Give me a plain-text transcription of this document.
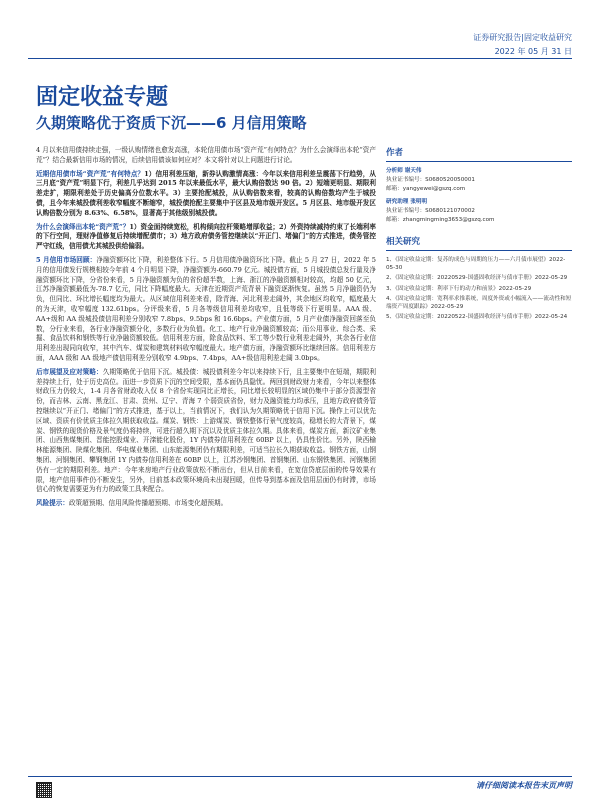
证券研究报告|固定收益研究
2022 年 05 月 31 日
固定收益专题
久期策略优于资质下沉——6 月信用策略

4 月以来信用债持续走强，一级认购情绪也愈发高涨，本轮信用债市场“资产荒”有何特点？为什么会演绎出本轮“资产荒”？结合最新信用市场的情况，后续信用债该如何应对？本文将针对以上问题进行讨论。

近期信用债市场“资产荒”有何特点？1）信用利差压缩，新券认购激情高涨：今年以来信用利差呈震荡下行趋势，从三月底“资产荒”明显下行，利差几乎达到 2015 年以来最低水平，最大认购倍数达 90 倍。2）短端更明显、期限利差走扩，期限利差处于历史偏高分位数水平。3）主要抢配城投，从认购倍数来看，较高的认购倍数均产生于城投债，且今年来城投债利差收窄幅度不断缩窄，城投债抢配主要集中于区县及地市级开发区。5 月区县、地市级开发区认购倍数分别为 8.63%、6.58%，显著高于其他级别城投债。

为什么会演绎出本轮“资产荒”？1）资金面持续宽松，机构倾向拉杆策略增厚收益；2）外资持续减持约束了长端利率的下行空间，理财净值修复后持续增配债市；3）地方政府债务管控继续以“开正门、堵偏门”的方式推进，债务管控严守红线，信用债尤其城投供给偏弱。

5 月信用市场回顾：净融资额环比下降，利差整体下行。5 月信用债净融资环比下降。截止 5 月 27 日，2022 年 5 月的信用债发行规模相较今年前 4 个月明显下降，净融资额为-660.79 亿元。城投债方面，5 月城投债总发行量及净融资额环比下降，分省份来看，5 月净融资额为负的省份超半数，上海、浙江的净融资额相对较高，均超 50 亿元，江苏净融资额最低为-78.7 亿元，同比下降幅度最大。天津在近期资产荒背景下融资逐渐恢复。虽然 5 月净融资仍为负，但同比、环比增长幅度均为最大。从区域信用利差来看，除青海、河北利差走阔外，其余地区均收窄，幅度最大的为天津，收窄幅度 132.61bps。分评级来看，5 月各等级信用利差均收窄，且低等级下行更明显。AAA 级、AA+级和 AA 级城投债信用利差分别收窄 7.8bps、9.5bps 和 16.6bps。产业债方面，5 月产业债净融资回落至负数，分行业来看，各行业净融资额分化，多数行业为负值。化工、地产行业净融资额较高；而公用事业、综合类、采掘、食品饮料和钢铁等行业净融资额较低。信用利差方面，除食品饮料、军工等少数行业利差走阔外，其余各行业信用利差出现同向收窄，其中汽车、煤炭和建筑材料收窄幅度最大。地产债方面，净融资额环比继续回落。信用利差方面，AAA 级和 AA 级地产债信用利差分别收窄 4.9bps、7.4bps，AA+级信用利差走阔 3.0bps。

后市展望及应对策略：久期策略优于信用下沉。城投债：城投债利差今年以来持续下行，且主要集中在短端，期限利差持续上行，处于历史高位。而进一步资质下沉的空间受限，基本面仍具隐忧。两回到财政财力来看，今年以来整体财政压力仍较大，1-4 月各省财政收入仅 8 个省份实现同比正增长，同比增长较明显的区域仍集中于部分资源型省份，而吉林、云南、黑龙江、甘肃、贵州、辽宁、青海 7 个弱资质省份，财力及融资能力均承压，且地方政府债务管控继续以“开正门、堵偏门”的方式推进，基于以上，当前情况下，我们认为久期策略优于信用下沉。操作上可以优先区域、资质有价优质主体拉久期获取收益。煤炭、钢铁：上游煤炭、钢铁整体行景气度较高，稳增长的大背景下，煤炭、钢铁的现货价格及景气度仍将持续，可进行超久期下沉以及优质主体拉久期。具体来看，煤炭方面，新汶矿业集团、山西焦煤集团、晋能控股煤业、开滦能化股份，1Y 内债券信用利差在 60BP 以上，仍具性价比。另外，陕西榆林能源集团、陕煤化集团、华电煤业集团、山东能源集团仍有期限利差，可适当拉长久期获取收益。钢铁方面，山钢集团、河钢集团、攀钢集团 1Y 内债券信用利差在 60BP 以上，江苏沙钢集团、首钢集团、山东钢铁集团、河钢集团仍有一定的期限利差。地产：今年来房地产行业政策放松不断出台，但从目前来看，在宽信贷底层面的传导效果有限，地产信用事件仍不断发生，另外，目前基本政策环境尚未出现回暖，但传导到基本面及信用层面仍有时滞，市场信心的恢复需要更为有力的政策工具来配合。

风险提示：政策超预期、信用风险传播超预期、市场变化超预期。

作者
分析师 谢天伟
执业证书编号：S0680520050001
邮箱：yangyewei@gszq.com
研究助理 张明明
执业证书编号：S0680121070002
邮箱：zhangmingming3653@gszq.com
相关研究
1、《固定收益定期：复苏的成色与周期的压力——六月债市展望》2022-05-30
2、《固定收益定期：20220529-国盛固收经济与债市手册》2022-05-29
3、《固定收益定期：利率下行的动力和前景》2022-05-29
4、《固定收益定期：宽利率求推系统，周度外资或小幅流入——流动性和短端资产周度跟踪》2022-05-29
5、《固定收益定期：20220522-国盛固收经济与债市手册》2022-05-24
请仔细阅读本报告末页声明
